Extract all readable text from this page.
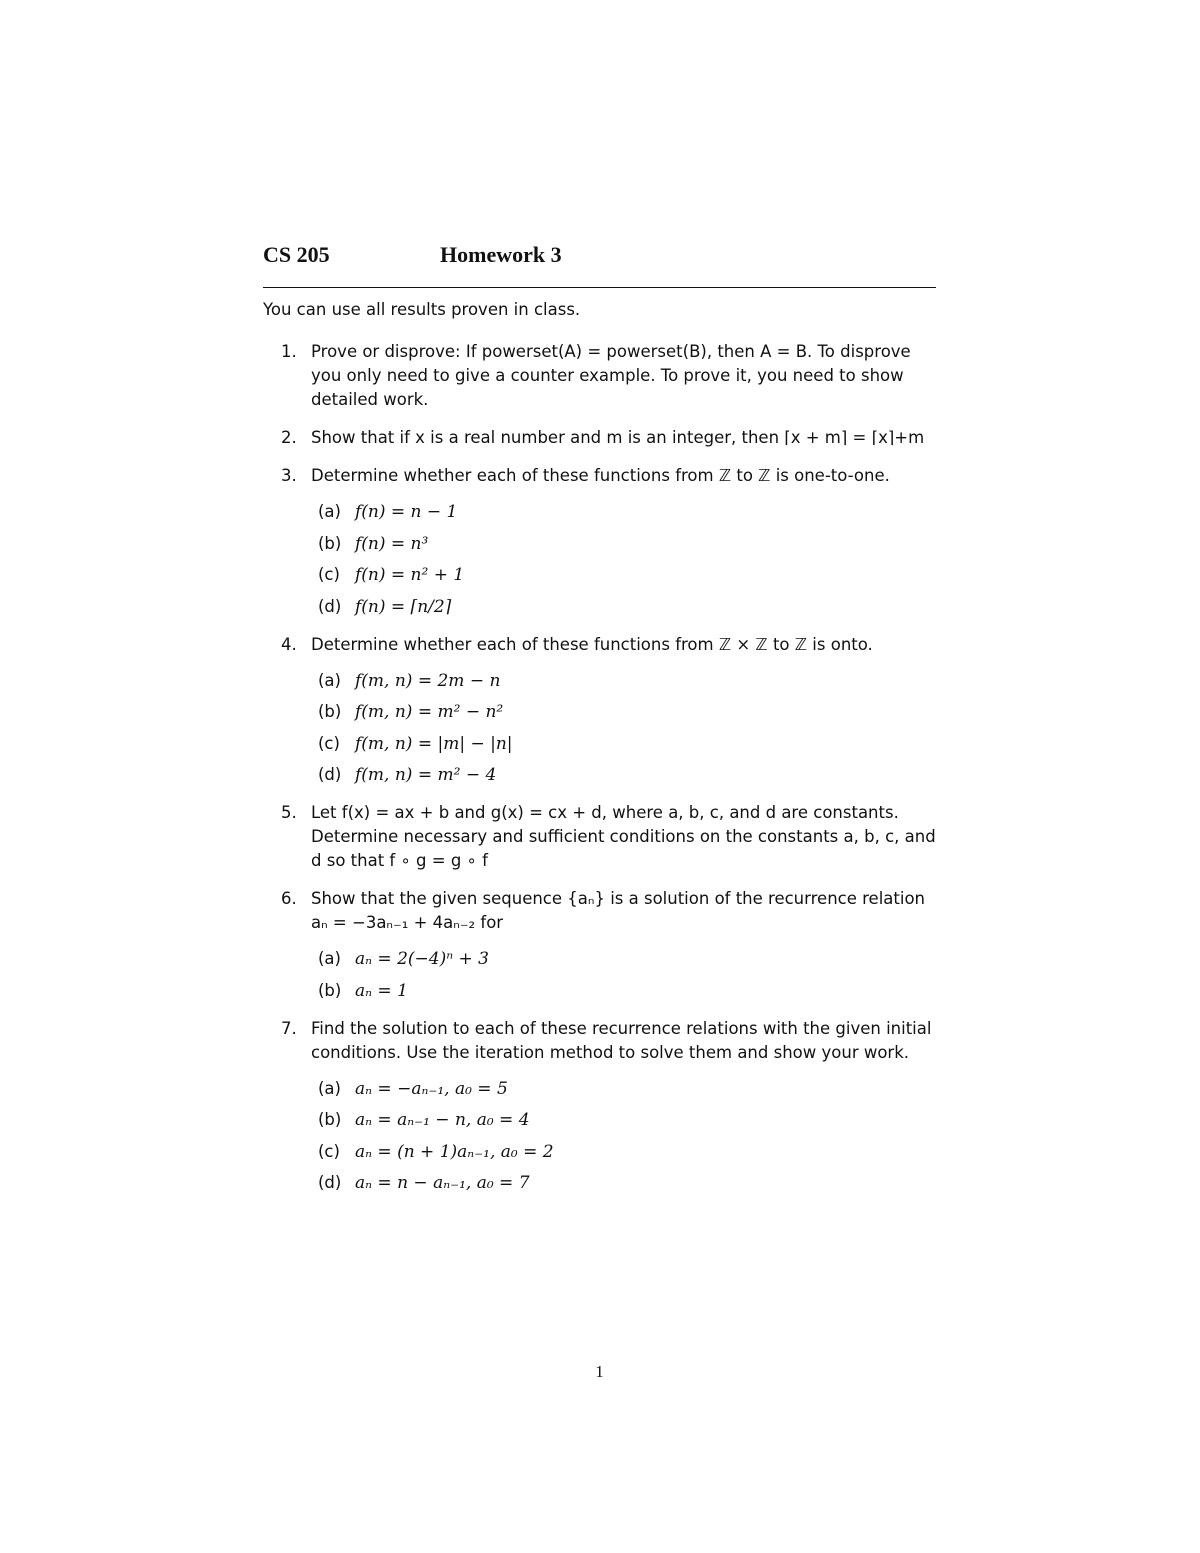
CS 205	Homework 3
You can use all results proven in class.
1. Prove or disprove: If powerset(A) = powerset(B), then A = B. To disprove you only need to give a counter example. To prove it, you need to show detailed work.
2. Show that if x is a real number and m is an integer, then ⌈x + m⌉ = ⌈x⌉+m
3. Determine whether each of these functions from ℤ to ℤ is one-to-one.
(a) f(n) = n − 1
(b) f(n) = n³
(c) f(n) = n² + 1
(d) f(n) = ⌈n/2⌉
4. Determine whether each of these functions from ℤ × ℤ to ℤ is onto.
(a) f(m, n) = 2m − n
(b) f(m, n) = m² − n²
(c) f(m, n) = |m| − |n|
(d) f(m, n) = m² − 4
5. Let f(x) = ax + b and g(x) = cx + d, where a, b, c, and d are constants. Determine necessary and sufficient conditions on the constants a, b, c, and d so that f ∘ g = g ∘ f
6. Show that the given sequence {aₙ} is a solution of the recurrence relation aₙ = −3aₙ₋₁ + 4aₙ₋₂ for
(a) aₙ = 2(−4)ⁿ + 3
(b) aₙ = 1
7. Find the solution to each of these recurrence relations with the given initial conditions. Use the iteration method to solve them and show your work.
(a) aₙ = −aₙ₋₁, a₀ = 5
(b) aₙ = aₙ₋₁ − n, a₀ = 4
(c) aₙ = (n + 1)aₙ₋₁, a₀ = 2
(d) aₙ = n − aₙ₋₁, a₀ = 7
1
